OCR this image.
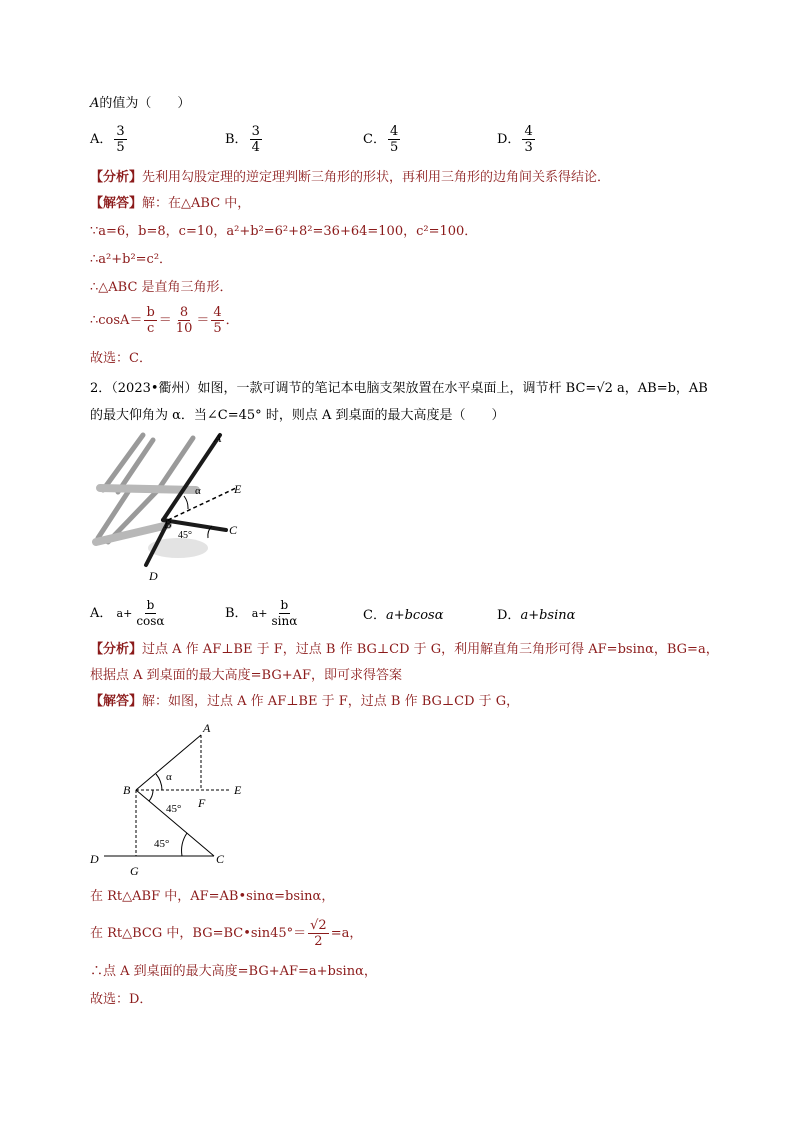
A的值为（　　）
A． $\frac{3}{5}$	B． $\frac{3}{4}$	C． $\frac{4}{5}$	D． $\frac{4}{3}$
【分析】先利用勾股定理的逆定理判断三角形的形状，再利用三角形的边角间关系得结论．
【解答】解：在△ABC 中，
∵a=6，b=8，c=10，a²+b²=6²+8²=36+64=100，c²=100．
∴a²+b²=c²．
∴△ABC 是直角三角形．
∴cosA＝ $\frac{b}{c} = \frac{8}{10} = \frac{4}{5}$ ．
故选：C．
2．（2023•衢州）如图，一款可调节的笔记本电脑支架放置在水平桌面上，调节杆 BC=√2 a，AB=b，AB
的最大仰角为 α．当∠C=45° 时，则点 A 到桌面的最大高度是（　　）
A
E
B	C
D
α
45°
A． $a+ \frac{b}{\cos\alpha}$	B． $a+ \frac{b}{\sin\alpha}$	C．a+bcosα	D．a+bsinα
【分析】过点 A 作 AF⊥BE 于 F，过点 B 作 BG⊥CD 于 G，利用解直角三角形可得 AF=bsinα，BG=a，
根据点 A 到桌面的最大高度=BG+AF，即可求得答案
【解答】解：如图，过点 A 作 AF⊥BE 于 F，过点 B 作 BG⊥CD 于 G，
A
B
C
D
E
F
G
α
45°
45°
在 Rt△ABF 中，AF=AB•sinα=bsinα，
在 Rt△BCG 中，BG=BC•sin45°＝ $\frac{√2}{2} =a$，
∴点 A 到桌面的最大高度=BG+AF=a+bsinα，
故选：D．
